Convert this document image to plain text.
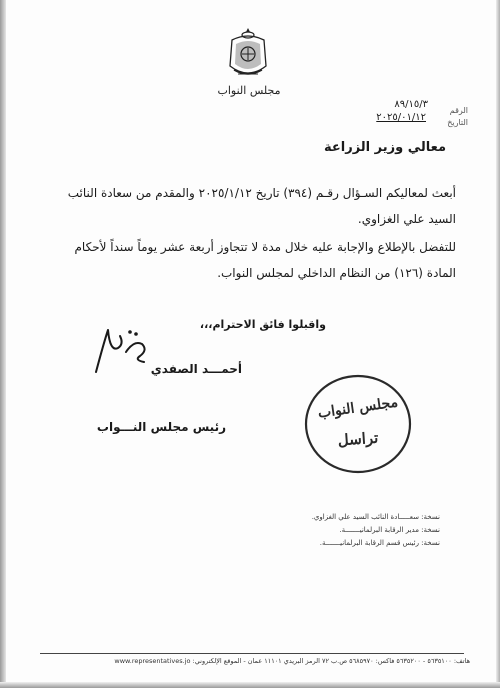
مجلس النواب
الرقم
٨٩/١٥/٣
التاريخ
٢٠٢٥/٠١/١٢
معالي وزير الزراعة
أبعث لمعاليكم السـؤال رقـم (٣٩٤) تاريخ ٢٠٢٥/١/١٢ والمقدم من سعادة النائب السيد علي الغزاوي.
للتفضل بالإطلاع والإجابة عليه خلال مدة لا تتجاوز أربعة عشر يوماً سنداً لأحكام المادة (١٢٦) من النظام الداخلي لمجلس النواب.
واقبلوا فائق الاحترام،،،
أحمـــد الصفدي
رئيس مجلس النـــواب
مجلس النواب
تراسل
نسخة: سعـــــادة النائب السيد علي الغزاوي.
نسخة: مدير الرقابة البرلمانيـــــــة.
نسخة: رئيس قسم الرقابة البرلمانيـــــــة.
هاتف: ٥٦٣٥١٠٠ - ٥٦٣٥٢٠٠ فاكس: ٥٦٨٥٩٧٠ ص.ب ٧٢ الرمز البريدي ١١١٠١ عمان - الموقع الإلكتروني: www.representatives.jo
